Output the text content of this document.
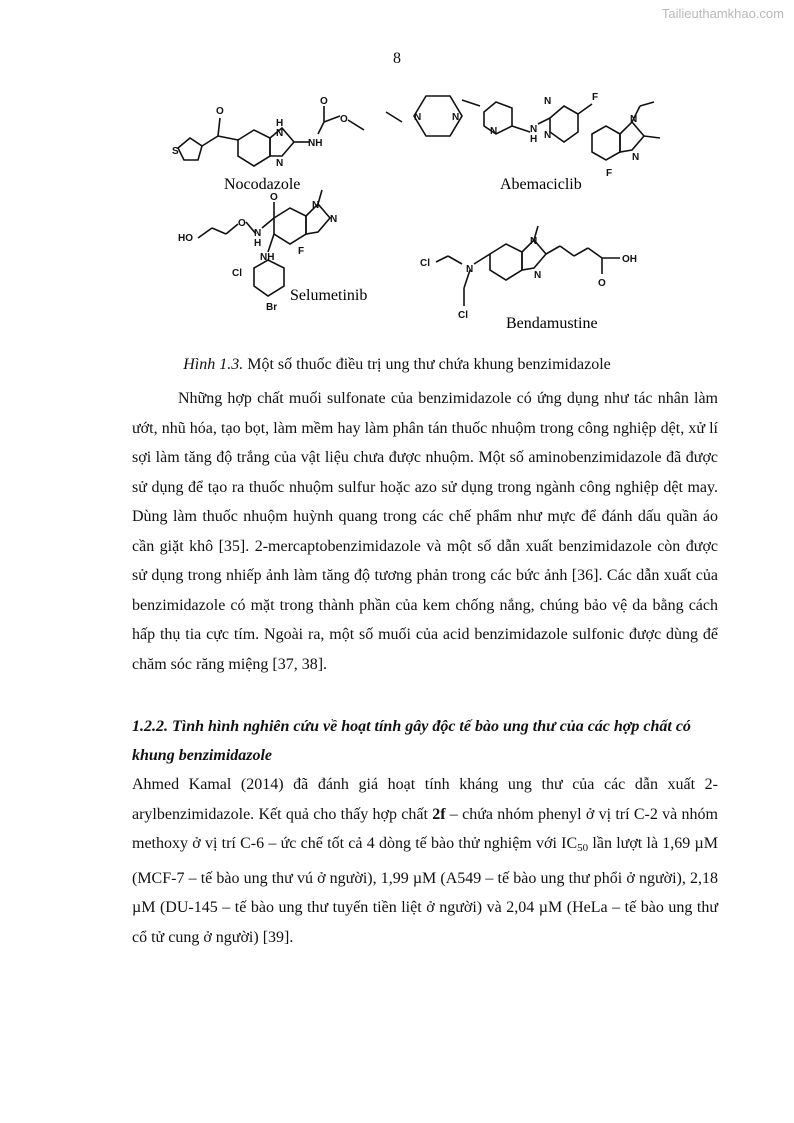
Tailieuthamkhao.com
8
O
S
H
N
N
NH
O
O
Nocodazole
N	N
N	N
H
N
N
F
N
N
F
Abemaciclib
O
HO
O
N
H
N
N
NH
F
Cl
Br
Selumetinib
Cl
N
Cl
N
N
O
OH
Bendamustine
Hình 1.3. Một số thuốc điều trị ung thư chứa khung benzimidazole

Những hợp chất muối sulfonate của benzimidazole có ứng dụng như tác nhân làm ướt, nhũ hóa, tạo bọt, làm mềm hay làm phân tán thuốc nhuộm trong công nghiệp dệt, xử lí sợi làm tăng độ trắng của vật liệu chưa được nhuộm. Một số aminobenzimidazole đã được sử dụng để tạo ra thuốc nhuộm sulfur hoặc azo sử dụng trong ngành công nghiệp dệt may. Dùng làm thuốc nhuộm huỳnh quang trong các chế phẩm như mực để đánh dấu quần áo cần giặt khô [35]. 2-mercaptobenzimidazole và một số dẫn xuất benzimidazole còn được sử dụng trong nhiếp ảnh làm tăng độ tương phản trong các bức ảnh [36]. Các dẫn xuất của benzimidazole có mặt trong thành phần của kem chống nắng, chúng bảo vệ da bằng cách hấp thụ tia cực tím. Ngoài ra, một số muối của acid benzimidazole sulfonic được dùng để chăm sóc răng miệng [37, 38].

1.2.2. Tình hình nghiên cứu về hoạt tính gây độc tế bào ung thư của các hợp chất có khung benzimidazole

Ahmed Kamal (2014) đã đánh giá hoạt tính kháng ung thư của các dẫn xuất 2-arylbenzimidazole. Kết quả cho thấy hợp chất 2f – chứa nhóm phenyl ở vị trí C-2 và nhóm methoxy ở vị trí C-6 – ức chế tốt cả 4 dòng tế bào thử nghiệm với $IC_{50}$ lần lượt là 1,69 µM (MCF-7 – tế bào ung thư vú ở người), 1,99 µM (A549 – tế bào ung thư phổi ở người), 2,18 µM (DU-145 – tế bào ung thư tuyến tiền liệt ở người) và 2,04 µM (HeLa – tế bào ung thư cổ tử cung ở người) [39].
